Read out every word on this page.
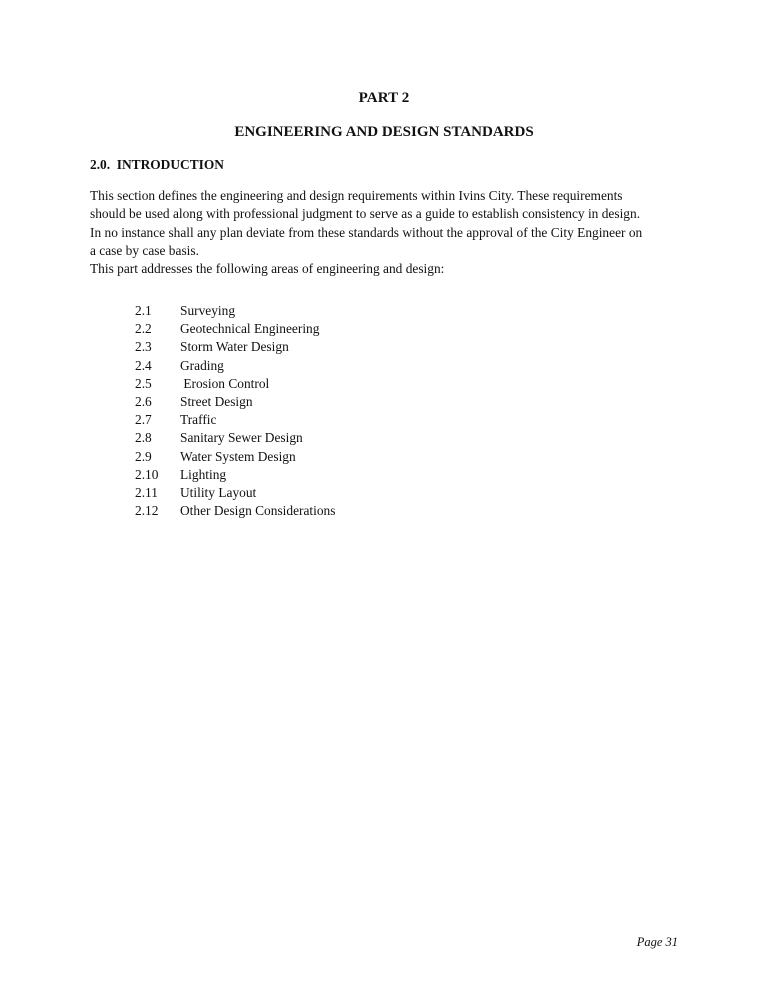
PART 2
ENGINEERING AND DESIGN STANDARDS
2.0.  INTRODUCTION

This section defines the engineering and design requirements within Ivins City. These requirements should be used along with professional judgment to serve as a guide to establish consistency in design. In no instance shall any plan deviate from these standards without the approval of the City Engineer on a case by case basis.

This part addresses the following areas of engineering and design:

2.1	Surveying
2.2	Geotechnical Engineering
2.3	Storm Water Design
2.4	Grading
2.5	Erosion Control
2.6	Street Design
2.7	Traffic
2.8	Sanitary Sewer Design
2.9	Water System Design
2.10	Lighting
2.11	Utility Layout
2.12	Other Design Considerations
Page 31
